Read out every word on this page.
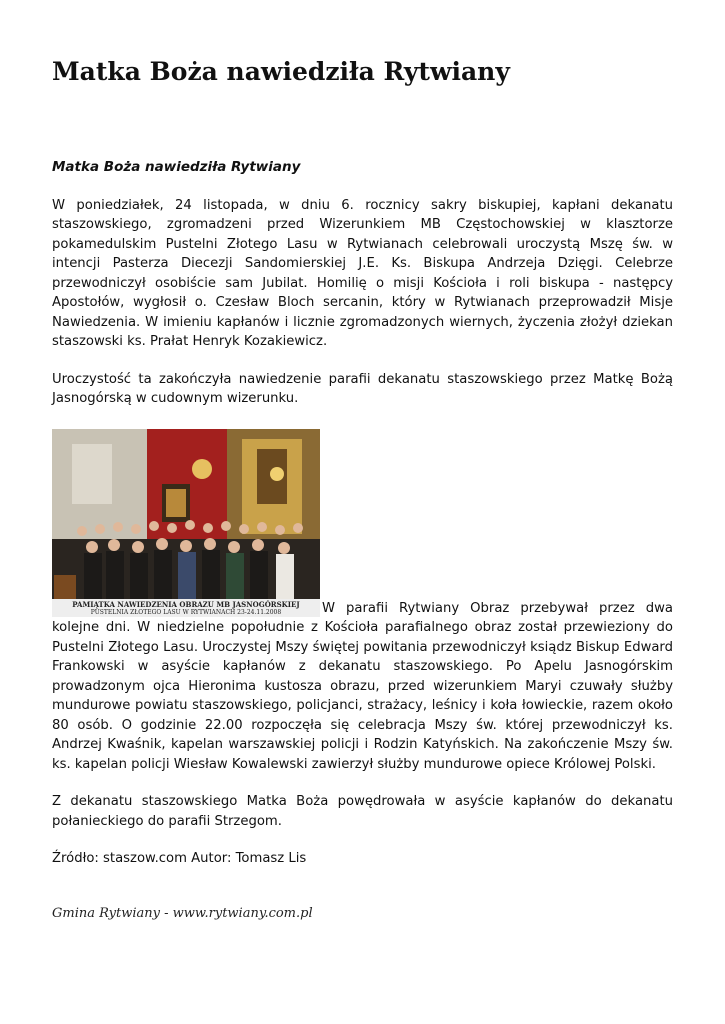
Matka Boża nawiedziła Rytwiany

Matka Boża nawiedziła Rytwiany

W poniedziałek, 24 listopada, w dniu 6. rocznicy sakry biskupiej, kapłani dekanatu staszowskiego, zgromadzeni przed Wizerunkiem MB Częstochowskiej w klasztorze pokamedulskim Pustelni Złotego Lasu w Rytwianach celebrowali uroczystą Mszę św. w intencji Pasterza Diecezji Sandomierskiej J.E. Ks. Biskupa Andrzeja Dzięgi. Celebrze przewodniczył osobiście sam Jubilat. Homilię o misji Kościoła i roli biskupa - następcy Apostołów, wygłosił o. Czesław Bloch sercanin, który w Rytwianach przeprowadził Misje Nawiedzenia. W imieniu kapłanów i licznie zgromadzonych wiernych, życzenia złożył dziekan staszowski ks. Prałat Henryk Kozakiewicz.

Uroczystość ta zakończyła nawiedzenie parafii dekanatu staszowskiego przez Matkę Bożą Jasnogórską w cudownym wizerunku.

PAMIĄTKA NAWIEDZENIA OBRAZU MB JASNOGÓRSKIEJ
PUSTELNIA ZŁOTEGO LASU W RYTWIANACH 23-24.11.2008	W parafii Rytwiany Obraz przebywał przez dwa kolejne dni. W niedzielne popołudnie z Kościoła parafialnego obraz został przewieziony do Pustelni Złotego Lasu. Uroczystej Mszy świętej powitania przewodniczył ksiądz Biskup Edward Frankowski w asyście kapłanów z dekanatu staszowskiego. Po Apelu Jasnogórskim prowadzonym ojca Hieronima kustosza obrazu, przed wizerunkiem Maryi czuwały służby mundurowe powiatu staszowskiego, policjanci, strażacy, leśnicy i koła łowieckie, razem około 80 osób. O godzinie 22.00 rozpoczęła się celebracja Mszy św. której przewodniczył ks. Andrzej Kwaśnik, kapelan warszawskiej policji i Rodzin Katyńskich. Na zakończenie Mszy św. ks. kapelan policji Wiesław Kowalewski zawierzył służby mundurowe opiece Królowej Polski.

Z dekanatu staszowskiego Matka Boża powędrowała w asyście kapłanów do dekanatu połanieckiego do parafii Strzegom.

Źródło: staszow.com Autor: Tomasz Lis

Gmina Rytwiany - www.rytwiany.com.pl
